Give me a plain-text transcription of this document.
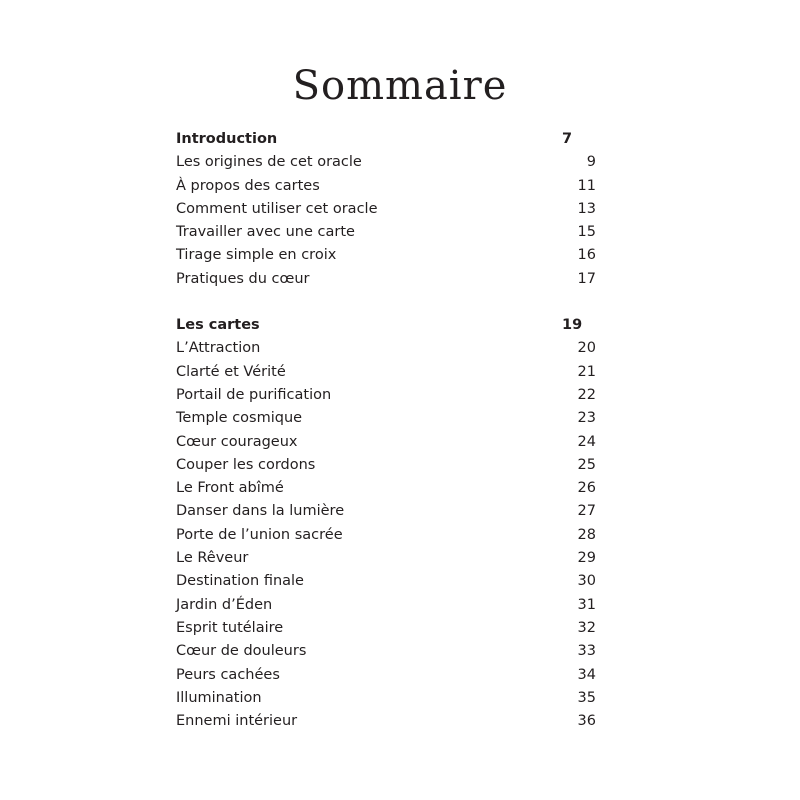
Sommaire
Introduction	7
Les origines de cet oracle	9
À propos des cartes	11
Comment utiliser cet oracle	13
Travailler avec une carte	15
Tirage simple en croix	16
Pratiques du cœur	17
Les cartes	19
L’Attraction	20
Clarté et Vérité	21
Portail de purification	22
Temple cosmique	23
Cœur courageux	24
Couper les cordons	25
Le Front abîmé	26
Danser dans la lumière	27
Porte de l’union sacrée	28
Le Rêveur	29
Destination finale	30
Jardin d’Éden	31
Esprit tutélaire	32
Cœur de douleurs	33
Peurs cachées	34
Illumination	35
Ennemi intérieur	36
